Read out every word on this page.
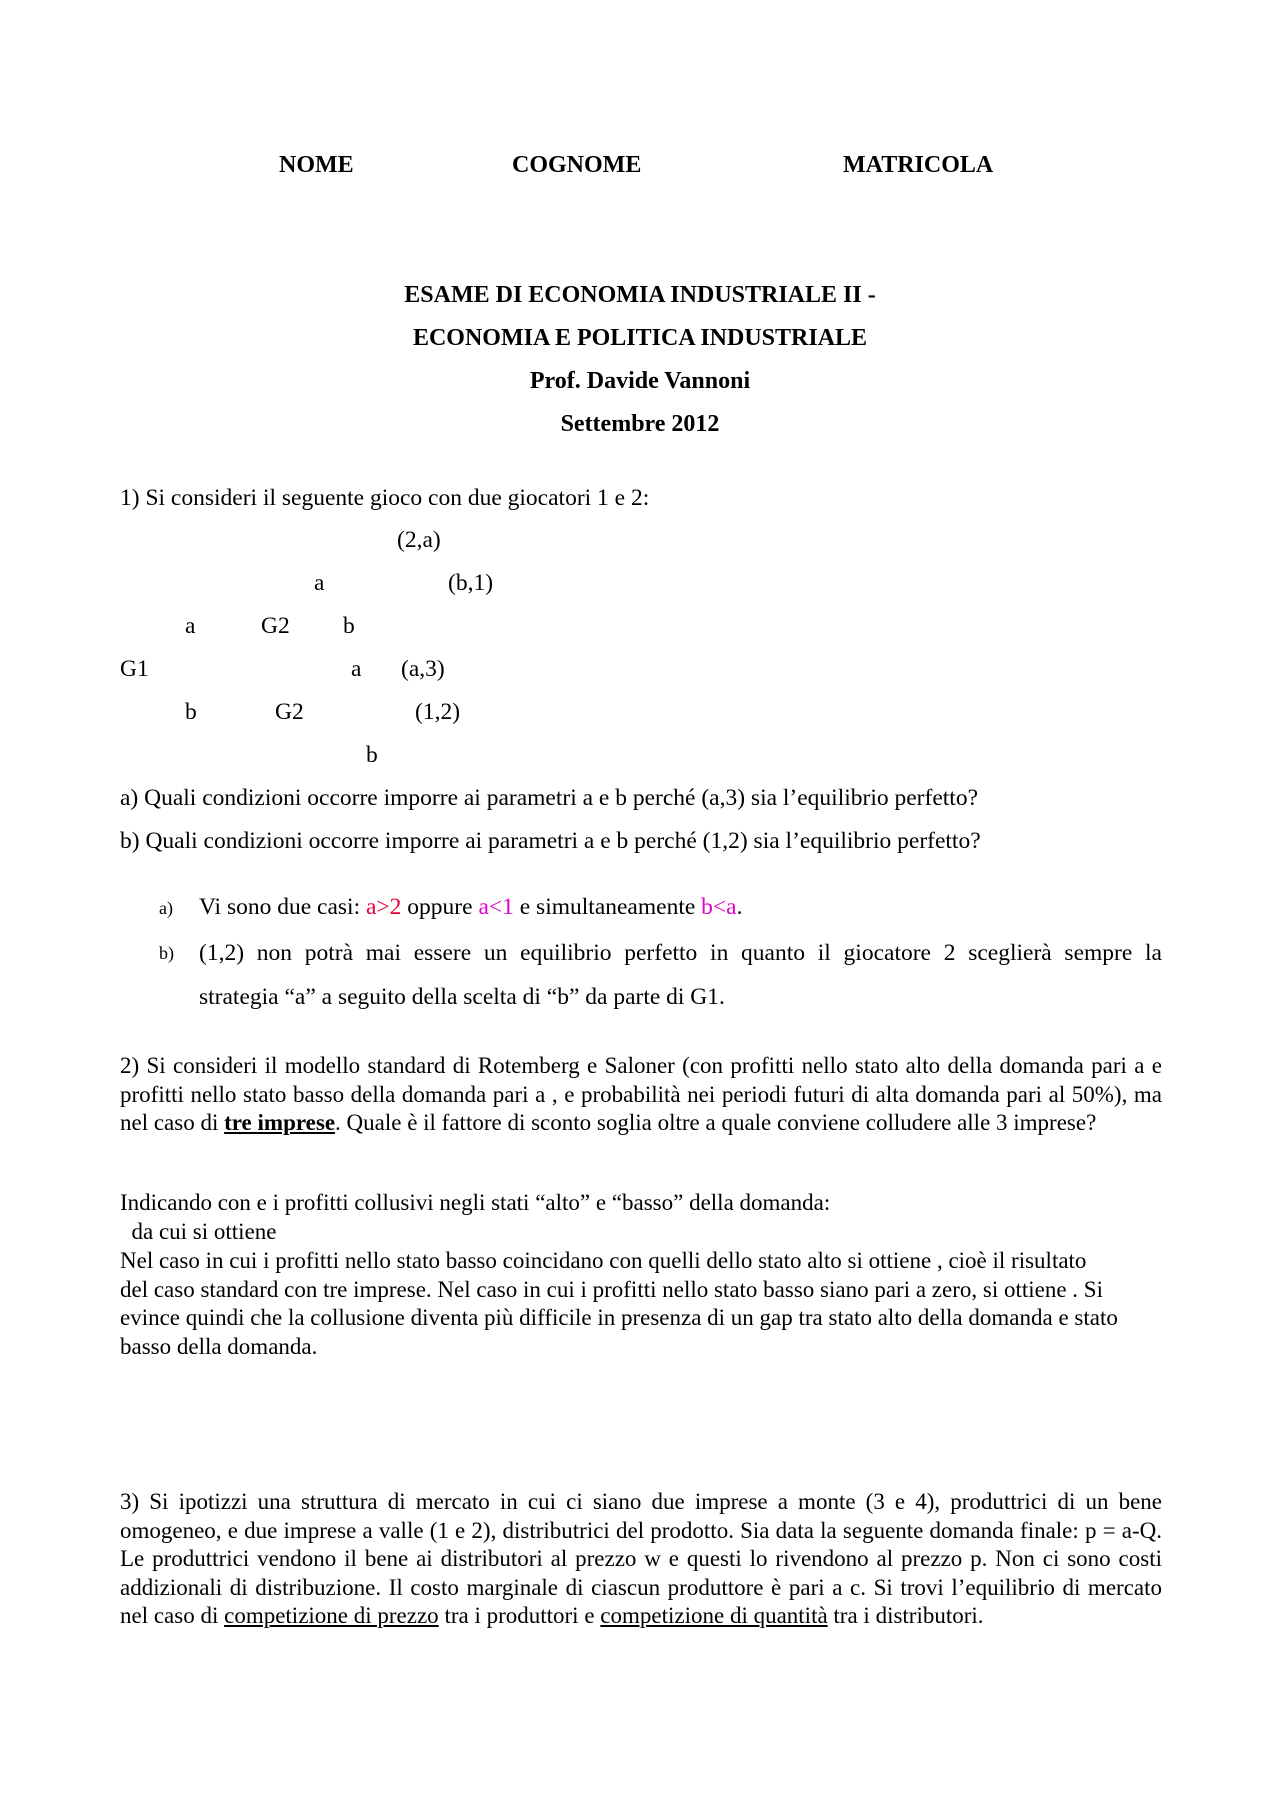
NOME	COGNOME	MATRICOLA
ESAME DI ECONOMIA INDUSTRIALE II -
ECONOMIA E POLITICA INDUSTRIALE
Prof. Davide Vannoni
Settembre 2012
1) Si consideri il seguente gioco con due giocatori 1 e 2:
(2,a)
a	(b,1)
a	G2 b
G1	a (a,3)
b	G2	(1,2)
b
a) Quali condizioni occorre imporre ai parametri a e b perché (a,3) sia l’equilibrio perfetto?
b) Quali condizioni occorre imporre ai parametri a e b perché (1,2) sia l’equilibrio perfetto?
a) Vi sono due casi: a>2 oppure a<1 e simultaneamente b<a.
b) (1,2) non potrà mai essere un equilibrio perfetto in quanto il giocatore 2 sceglierà sempre la
strategia “a” a seguito della scelta di “b” da parte di G1.
2) Si consideri il modello standard di Rotemberg e Saloner (con profitti nello stato alto della domanda pari a e profitti nello stato basso della domanda pari a , e probabilità nei periodi futuri di alta domanda pari al 50%), ma nel caso di tre imprese. Quale è il fattore di sconto soglia oltre a quale conviene colludere alle 3 imprese?
Indicando con e i profitti collusivi negli stati “alto” e “basso” della domanda:
da cui si ottiene
Nel caso in cui i profitti nello stato basso coincidano con quelli dello stato alto si ottiene , cioè il risultato del caso standard con tre imprese. Nel caso in cui i profitti nello stato basso siano pari a zero, si ottiene . Si evince quindi che la collusione diventa più difficile in presenza di un gap tra stato alto della domanda e stato basso della domanda.
3) Si ipotizzi una struttura di mercato in cui ci siano due imprese a monte (3 e 4), produttrici di un bene omogeneo, e due imprese a valle (1 e 2), distributrici del prodotto. Sia data la seguente domanda finale: p = a-Q. Le produttrici vendono il bene ai distributori al prezzo w e questi lo rivendono al prezzo p. Non ci sono costi addizionali di distribuzione. Il costo marginale di ciascun produttore è pari a c. Si trovi l’equilibrio di mercato nel caso di competizione di prezzo tra i produttori e competizione di quantità tra i distributori.
